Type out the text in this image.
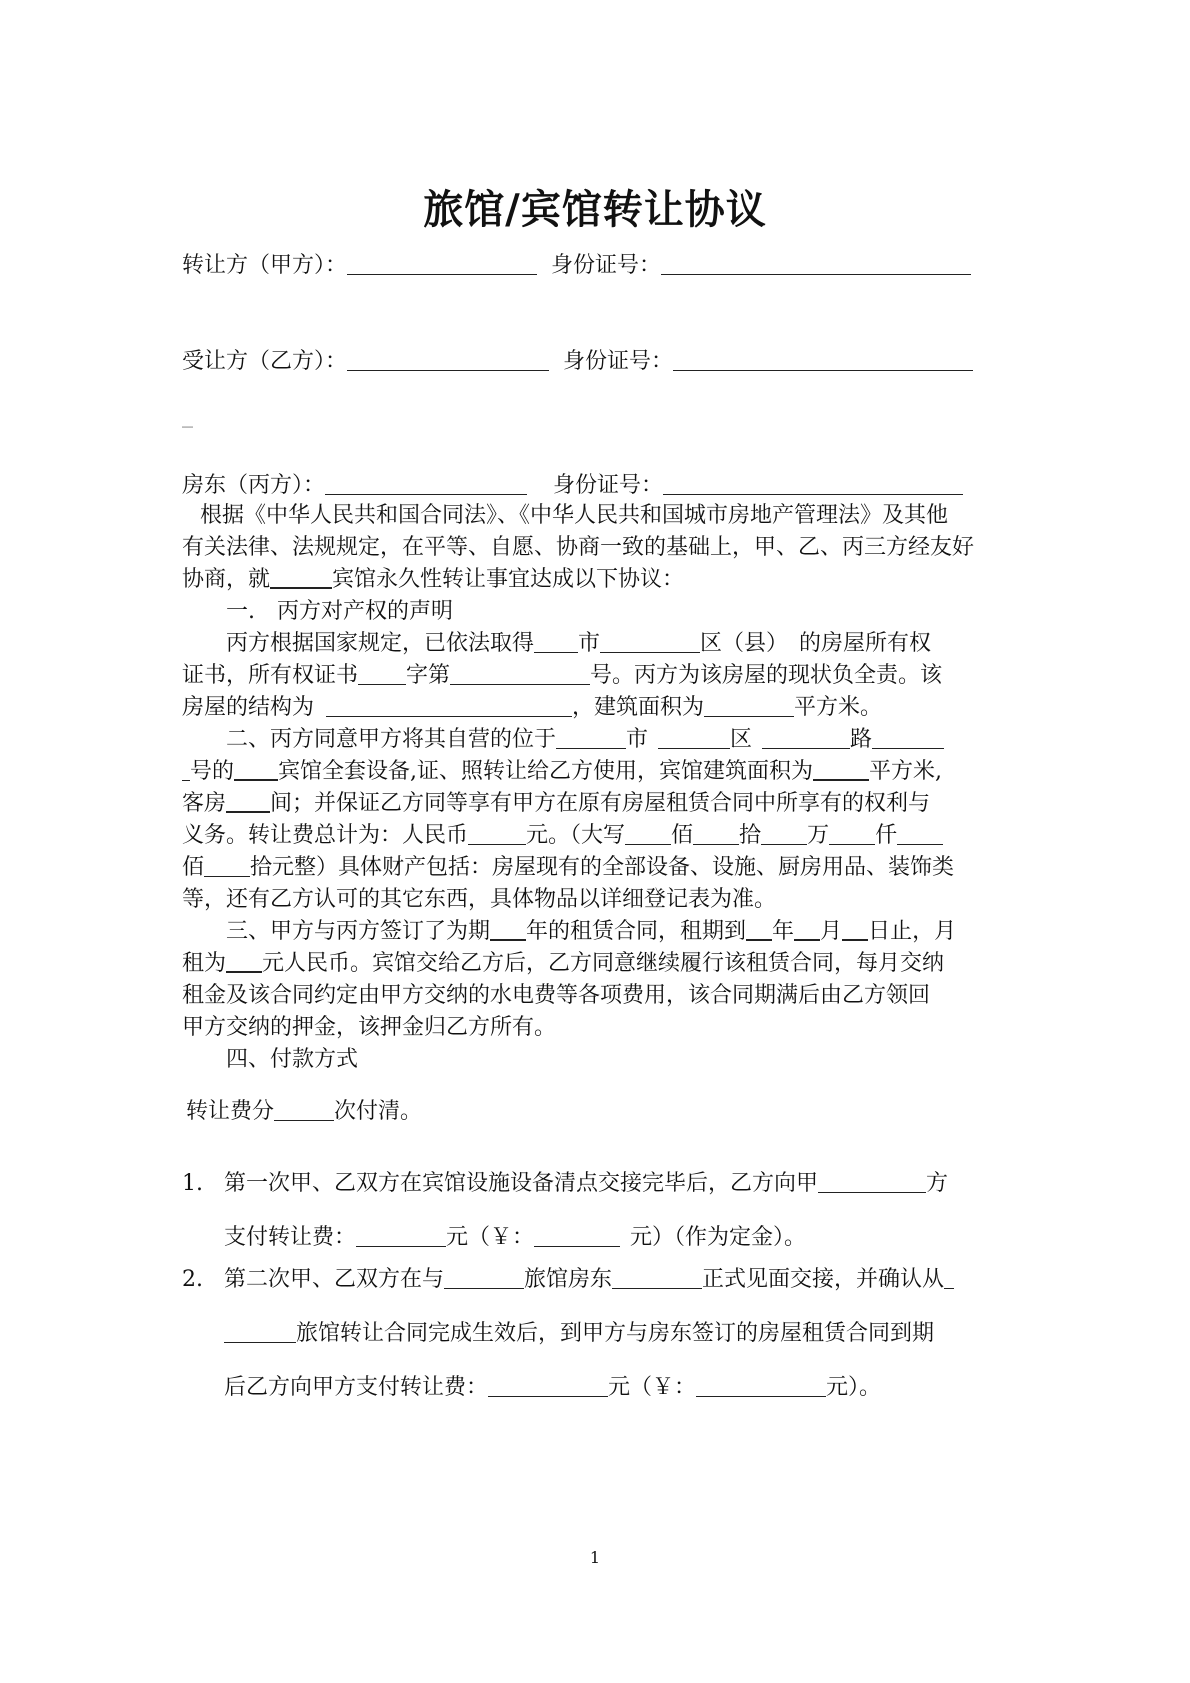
旅馆/宾馆转让协议

转让方（甲方）：	身份证号：

受让方（乙方）：	身份证号：

_

房东（丙方）：	身份证号：

根据《中华人民共和国合同法》、《中华人民共和国城市房地产管理法》及其他

有关法律、法规规定，在平等、自愿、协商一致的基础上，甲、乙、丙三方经友好

协商，就	宾馆永久性转让事宜达成以下协议：

一.　丙方对产权的声明

丙方根据国家规定，已依法取得 市	区（县）　的房屋所有权

证书，所有权证书 字第	号。丙方为该房屋的现状负全责。该

房屋的结构为	，建筑面积为	平方米。

二、丙方同意甲方将其自营的位于	市	区	路

号的 宾馆全套设备,证、照转让给乙方使用，宾馆建筑面积为	平方米,

客房 间；并保证乙方同等享有甲方在原有房屋租赁合同中所享有的权利与

义务。转让费总计为：人民币	元。（大写 佰 拾 万 仟

佰 拾元整）具体财产包括：房屋现有的全部设备、设施、厨房用品、装饰类

等，还有乙方认可的其它东西，具体物品以详细登记表为准。

三、甲方与丙方签订了为期 年的租赁合同，租期到 年 月 日止，月

租为 元人民币。宾馆交给乙方后，乙方同意继续履行该租赁合同，每月交纳

租金及该合同约定由甲方交纳的水电费等各项费用，该合同期满后由乙方领回

甲方交纳的押金，该押金归乙方所有。

四、付款方式

转让费分	次付清。

1. 第一次甲、乙双方在宾馆设施设备清点交接完毕后，乙方向甲	方

支付转让费：	元（￥：	元）（作为定金）。

2. 第二次甲、乙双方在与	旅馆房东	正式见面交接，并确认从

旅馆转让合同完成生效后，到甲方与房东签订的房屋租赁合同到期

后乙方向甲方支付转让费：	元（￥：	元）。

1
